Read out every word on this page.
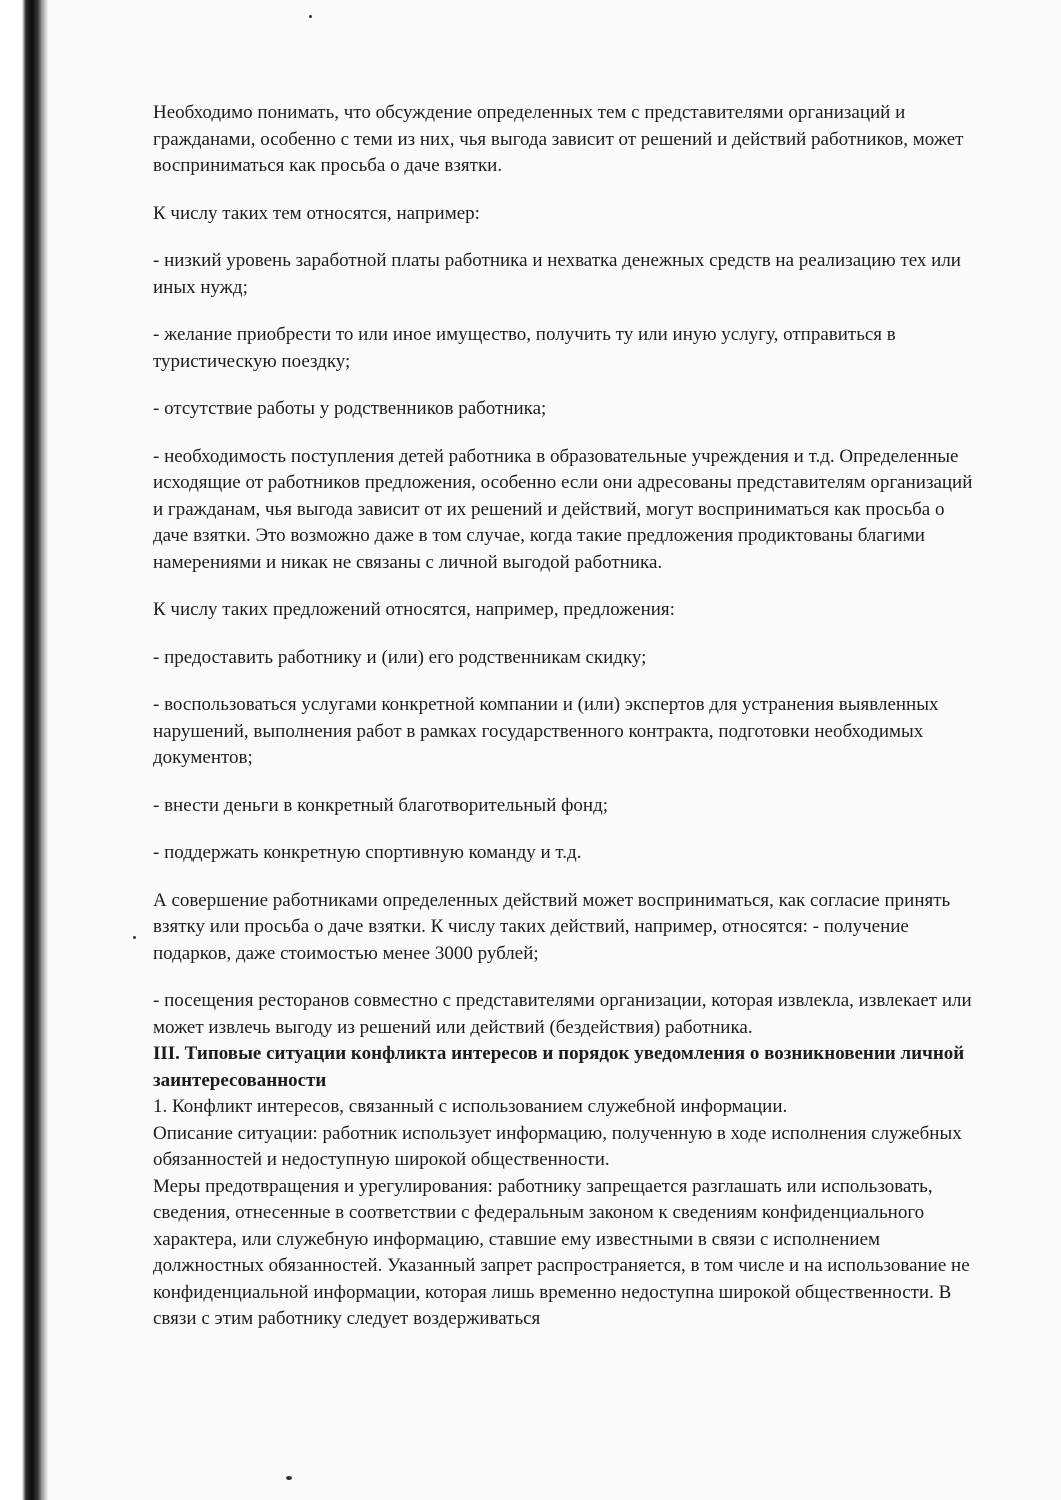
Необходимо понимать, что обсуждение определенных тем с представителями организаций и гражданами, особенно с теми из них, чья выгода зависит от решений и действий работников, может восприниматься как просьба о даче взятки.

К числу таких тем относятся, например:

- низкий уровень заработной платы работника и нехватка денежных средств на реализацию тех или иных нужд;

- желание приобрести то или иное имущество, получить ту или иную услугу, отправиться в туристическую поездку;

- отсутствие работы у родственников работника;

- необходимость поступления детей работника в образовательные учреждения и т.д. Определенные исходящие от работников предложения, особенно если они адресованы представителям организаций и гражданам, чья выгода зависит от их решений и действий, могут восприниматься как просьба о даче взятки. Это возможно даже в том случае, когда такие предложения продиктованы благими намерениями и никак не связаны с личной выгодой работника.

К числу таких предложений относятся, например, предложения:

- предоставить работнику и (или) его родственникам скидку;

- воспользоваться услугами конкретной компании и (или) экспертов для устранения выявленных нарушений, выполнения работ в рамках государственного контракта, подготовки необходимых документов;

- внести деньги в конкретный благотворительный фонд;

- поддержать конкретную спортивную команду и т.д.

А совершение работниками определенных действий может восприниматься, как согласие принять взятку или просьба о даче взятки. К числу таких действий, например, относятся: - получение подарков, даже стоимостью менее 3000 рублей;

- посещения ресторанов совместно с представителями организации, которая извлекла, извлекает или может извлечь выгоду из решений или действий (бездействия) работника.

III. Типовые ситуации конфликта интересов и порядок уведомления о возникновении личной заинтересованности

1. Конфликт интересов, связанный с использованием служебной информации.

Описание ситуации: работник использует информацию, полученную в ходе исполнения служебных обязанностей и недоступную широкой общественности.

Меры предотвращения и урегулирования: работнику запрещается разглашать или использовать, сведения, отнесенные в соответствии с федеральным законом к сведениям конфиденциального характера, или служебную информацию, ставшие ему известными в связи с исполнением должностных обязанностей. Указанный запрет распространяется, в том числе и на использование не конфиденциальной информации, которая лишь временно недоступна широкой общественности. В связи с этим работнику следует воздерживаться
